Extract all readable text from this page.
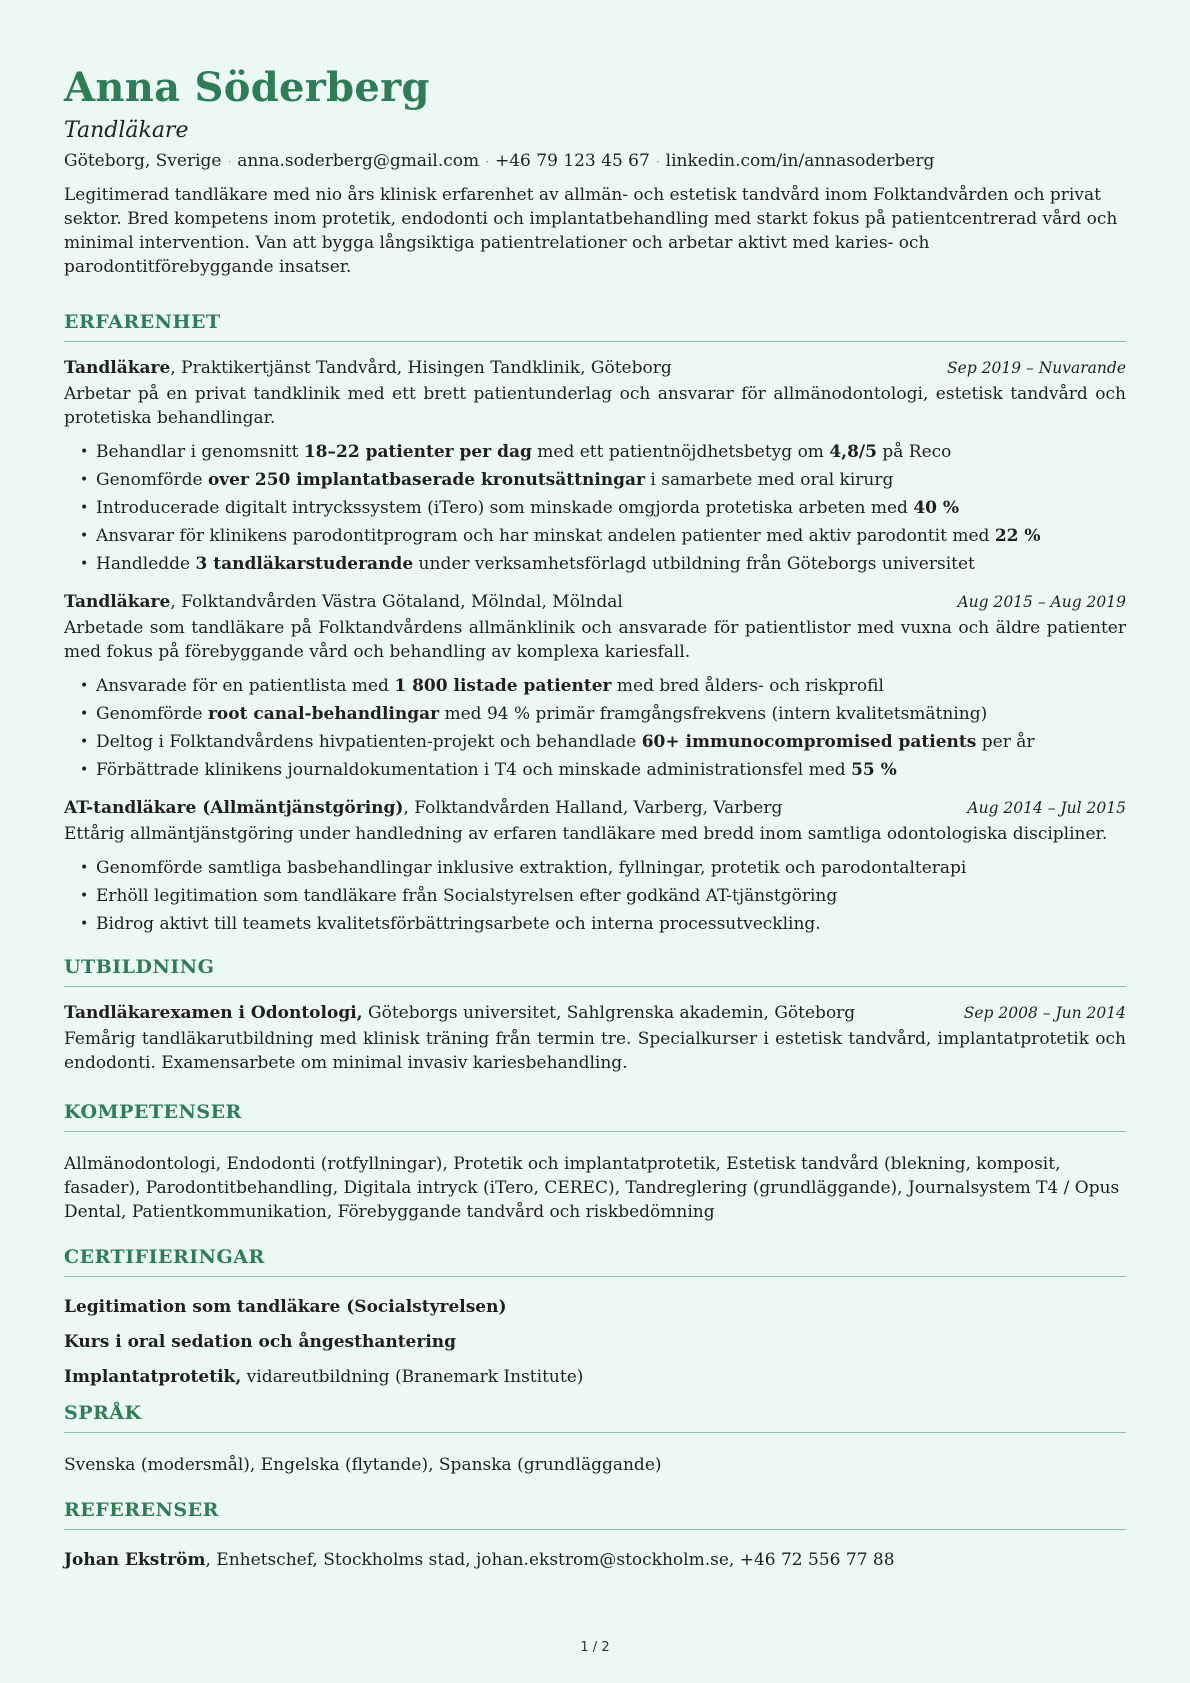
Anna Söderberg
Tandläkare
Göteborg, Sverige · anna.soderberg@gmail.com · +46 79 123 45 67 · linkedin.com/in/annasoderberg
Legitimerad tandläkare med nio års klinisk erfarenhet av allmän- och estetisk tandvård inom Folktandvården och privat sektor. Bred kompetens inom protetik, endodonti och implantatbehandling med starkt fokus på patientcentrerad vård och minimal intervention. Van att bygga långsiktiga patientrelationer och arbetar aktivt med karies- och parodontitförebyggande insatser.
ERFARENHET
Tandläkare, Praktikertjänst Tandvård, Hisingen Tandklinik, Göteborg	Sep 2019 – Nuvarande
Arbetar på en privat tandklinik med ett brett patientunderlag och ansvarar för allmänodontologi, estetisk tandvård och protetiska behandlingar.
• Behandlar i genomsnitt 18–22 patienter per dag med ett patientnöjdhetsbetyg om 4,8/5 på Reco
• Genomförde over 250 implantatbaserade kronutsättningar i samarbete med oral kirurg
• Introducerade digitalt intryckssystem (iTero) som minskade omgjorda protetiska arbeten med 40 %
• Ansvarar för klinikens parodontitprogram och har minskat andelen patienter med aktiv parodontit med 22 %
• Handledde 3 tandläkarstuderande under verksamhetsförlagd utbildning från Göteborgs universitet
Tandläkare, Folktandvården Västra Götaland, Mölndal, Mölndal	Aug 2015 – Aug 2019
Arbetade som tandläkare på Folktandvårdens allmänklinik och ansvarade för patientlistor med vuxna och äldre patienter med fokus på förebyggande vård och behandling av komplexa kariesfall.
• Ansvarade för en patientlista med 1 800 listade patienter med bred ålders- och riskprofil
• Genomförde root canal-behandlingar med 94 % primär framgångsfrekvens (intern kvalitetsmätning)
• Deltog i Folktandvårdens hivpatienten-projekt och behandlade 60+ immunocompromised patients per år
• Förbättrade klinikens journaldokumentation i T4 och minskade administrationsfel med 55 %
AT-tandläkare (Allmäntjänstgöring), Folktandvården Halland, Varberg, Varberg	Aug 2014 – Jul 2015
Ettårig allmäntjänstgöring under handledning av erfaren tandläkare med bredd inom samtliga odontologiska discipliner.
• Genomförde samtliga basbehandlingar inklusive extraktion, fyllningar, protetik och parodontalterapi
• Erhöll legitimation som tandläkare från Socialstyrelsen efter godkänd AT-tjänstgöring
• Bidrog aktivt till teamets kvalitetsförbättringsarbete och interna processutveckling.
UTBILDNING
Tandläkarexamen i Odontologi, Göteborgs universitet, Sahlgrenska akademin, Göteborg	Sep 2008 – Jun 2014
Femårig tandläkarutbildning med klinisk träning från termin tre. Specialkurser i estetisk tandvård, implantatprotetik och endodonti. Examensarbete om minimal invasiv kariesbehandling.
KOMPETENSER
Allmänodontologi, Endodonti (rotfyllningar), Protetik och implantatprotetik, Estetisk tandvård (blekning, komposit, fasader), Parodontitbehandling, Digitala intryck (iTero, CEREC), Tandreglering (grundläggande), Journalsystem T4 / Opus Dental, Patientkommunikation, Förebyggande tandvård och riskbedömning
CERTIFIERINGAR
Legitimation som tandläkare (Socialstyrelsen)
Kurs i oral sedation och ångesthantering
Implantatprotetik, vidareutbildning (Branemark Institute)
SPRÅK
Svenska (modersmål), Engelska (flytande), Spanska (grundläggande)
REFERENSER
Johan Ekström, Enhetschef, Stockholms stad, johan.ekstrom@stockholm.se, +46 72 556 77 88
1 / 2
